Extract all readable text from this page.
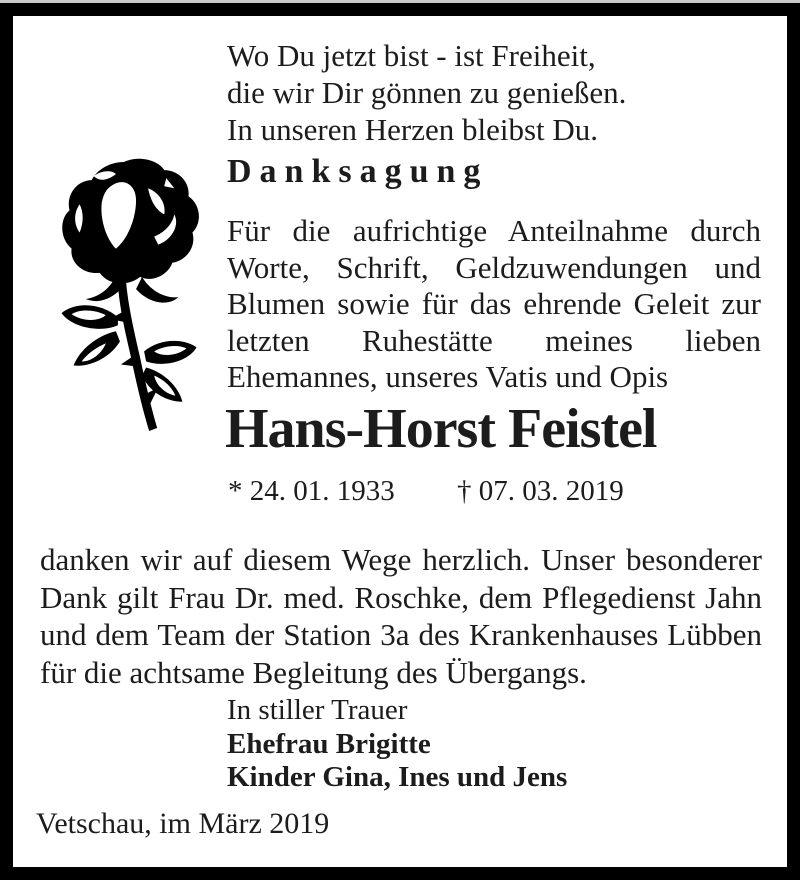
Wo Du jetzt bist - ist Freiheit,
die wir Dir gönnen zu genießen.
In unseren Herzen bleibst Du.
Danksagung
Für die aufrichtige Anteilnahme durch
Worte, Schrift, Geldzuwendungen und
Blumen sowie für das ehrende Geleit zur
letzten Ruhestätte meines lieben
Ehemannes, unseres Vatis und Opis
Hans-Horst Feistel
* 24. 01. 1933 † 07. 03. 2019
danken wir auf diesem Wege herzlich. Unser besonderer
Dank gilt Frau Dr. med. Roschke, dem Pflegedienst Jahn
und dem Team der Station 3a des Krankenhauses Lübben
für die achtsame Begleitung des Übergangs.
In stiller Trauer
Ehefrau Brigitte
Kinder Gina, Ines und Jens
Vetschau, im März 2019
